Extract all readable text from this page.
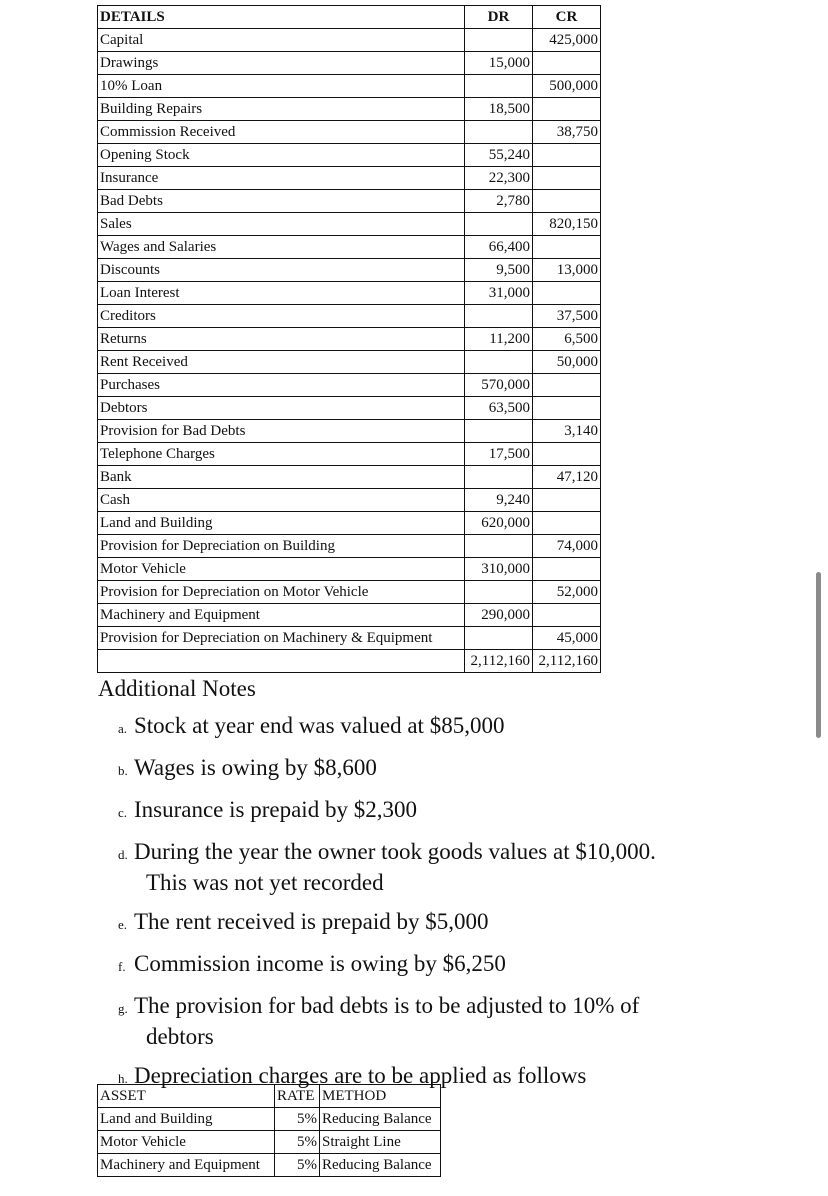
DETAILS	DR	CR
Capital		425,000
Drawings	15,000	
10% Loan		500,000
Building Repairs	18,500	
Commission Received		38,750
Opening Stock	55,240	
Insurance	22,300	
Bad Debts	2,780	
Sales		820,150
Wages and Salaries	66,400	
Discounts	9,500	13,000
Loan Interest	31,000	
Creditors		37,500
Returns	11,200	6,500
Rent Received		50,000
Purchases	570,000	
Debtors	63,500	
Provision for Bad Debts		3,140
Telephone Charges	17,500	
Bank		47,120
Cash	9,240	
Land and Building	620,000	
Provision for Depreciation on Building		74,000
Motor Vehicle	310,000	
Provision for Depreciation on Motor Vehicle		52,000
Machinery and Equipment	290,000	
Provision for Depreciation on Machinery & Equipment		45,000
	2,112,160	2,112,160
Additional Notes
a. Stock at year end was valued at $85,000
b. Wages is owing by $8,600
c. Insurance is prepaid by $2,300
d. During the year the owner took goods values at $10,000.
This was not yet recorded
e. The rent received is prepaid by $5,000
f. Commission income is owing by $6,250
g. The provision for bad debts is to be adjusted to 10% of
debtors
h. Depreciation charges are to be applied as follows
ASSET	RATE	METHOD
Land and Building	5%	Reducing Balance
Motor Vehicle	5%	Straight Line
Machinery and Equipment	5%	Reducing Balance
